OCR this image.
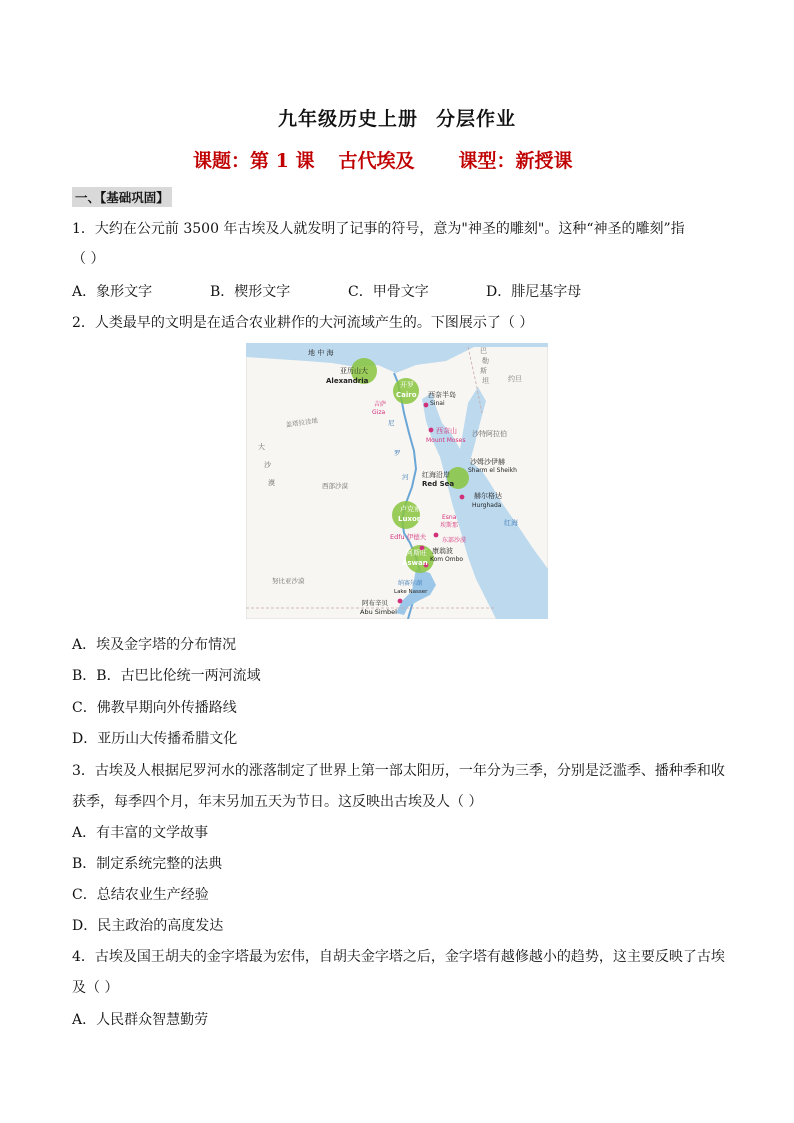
九年级历史上册 分层作业
课题：第 1 课 古代埃及 课型：新授课
一、【基础巩固】
1．大约在公元前 3500 年古埃及人就发明了记事的符号，意为"神圣的雕刻"。这种“神圣的雕刻”指
（ ）
A．象形文字	B．楔形文字	C．甲骨文字	D．腓尼基字母
2．人类最早的文明是在适合农业耕作的大河流域产生的。下图展示了（ ）
地 中 海
亚历山大
Alexandria	开罗
Cairo
吉萨
Giza
西奈半岛
Sinai
西奈山
Mount Moses
沙特阿拉伯
沙姆沙伊赫
Sharm el Sheikh
红海沿岸
Red Sea
赫尔格达
Hurghada
红海
卢克索
Luxor	Esna
埃斯那
Edfu 伊德夫	东部沙漠
阿斯旺
Aswan
康翁波
Kom Ombo
纳赛尔湖
Lake Nasser
阿布辛贝
Abu Simbel
西部沙漠
大
沙
漠
盖塔拉洼地	尼
罗
河
努比亚沙漠
巴
勒
斯
坦	约旦
A．埃及金字塔的分布情况
B．B．古巴比伦统一两河流域
C．佛教早期向外传播路线
D．亚历山大传播希腊文化
3．古埃及人根据尼罗河水的涨落制定了世界上第一部太阳历，一年分为三季，分别是泛滥季、播种季和收
获季，每季四个月，年末另加五天为节日。这反映出古埃及人（ ）
A．有丰富的文学故事
B．制定系统完整的法典
C．总结农业生产经验
D．民主政治的高度发达
4．古埃及国王胡夫的金字塔最为宏伟，自胡夫金字塔之后，金字塔有越修越小的趋势，这主要反映了古埃
及（ ）
A．人民群众智慧勤劳
